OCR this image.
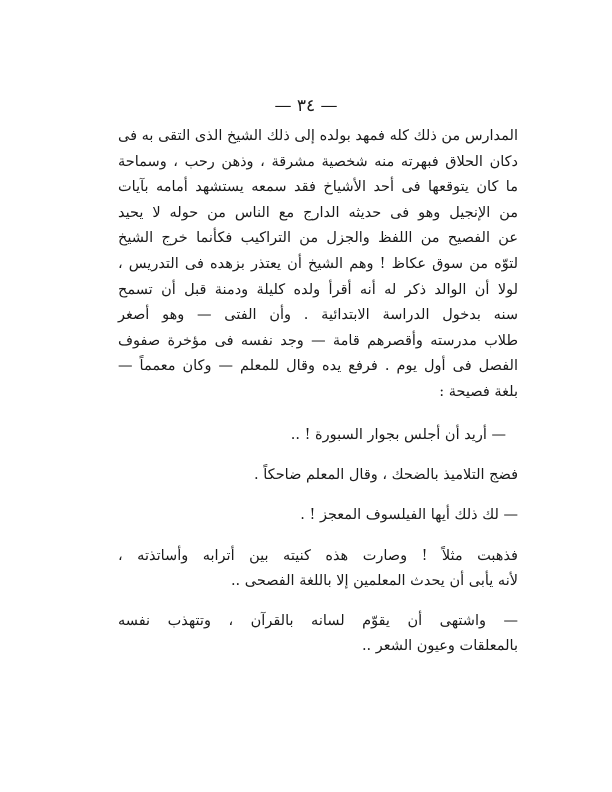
— ٣٤ —
المدارس من ذلك كله فمهد بولده إلى ذلك الشيخ الذى التقى به فى
دكان الحلاق فبهرته منه شخصية مشرقة ، وذهن رحب ، وسماحة
ما كان يتوقعها فى أحد الأشياخ فقد سمعه يستشهد أمامه بآيات
من الإنجيل وهو فى حديثه الدارج مع الناس من حوله لا يحيد
عن الفصيح من اللفظ والجزل من التراكيب فكأنما خرج الشيخ
لتوّه من سوق عكاظ ! وهم الشيخ أن يعتذر بزهده فى التدريس ،
لولا أن الوالد ذكر له أنه أقرأ ولده كليلة ودمنة قبل أن تسمح
سنه بدخول الدراسة الابتدائية . وأن الفتى — وهو أصغر
طلاب مدرسته وأقصرهم قامة — وجد نفسه فى مؤخرة صفوف
الفصل فى أول يوم . فرفع يده وقال للمعلم — وكان معمماً —
بلغة فصيحة :
— أريد أن أجلس بجوار السبورة ! ..
فضج التلاميذ بالضحك ، وقال المعلم ضاحكاً .
— لك ذلك أيها الفيلسوف المعجز ! .
فذهبت مثلاً ! وصارت هذه كنيته بين أترابه وأساتذته ،
لأنه يأبى أن يحدث المعلمين إلا باللغة الفصحى ..
— واشتهى أن يقوّم لسانه بالقرآن ، وتتهذب نفسه
بالمعلقات وعيون الشعر ..
